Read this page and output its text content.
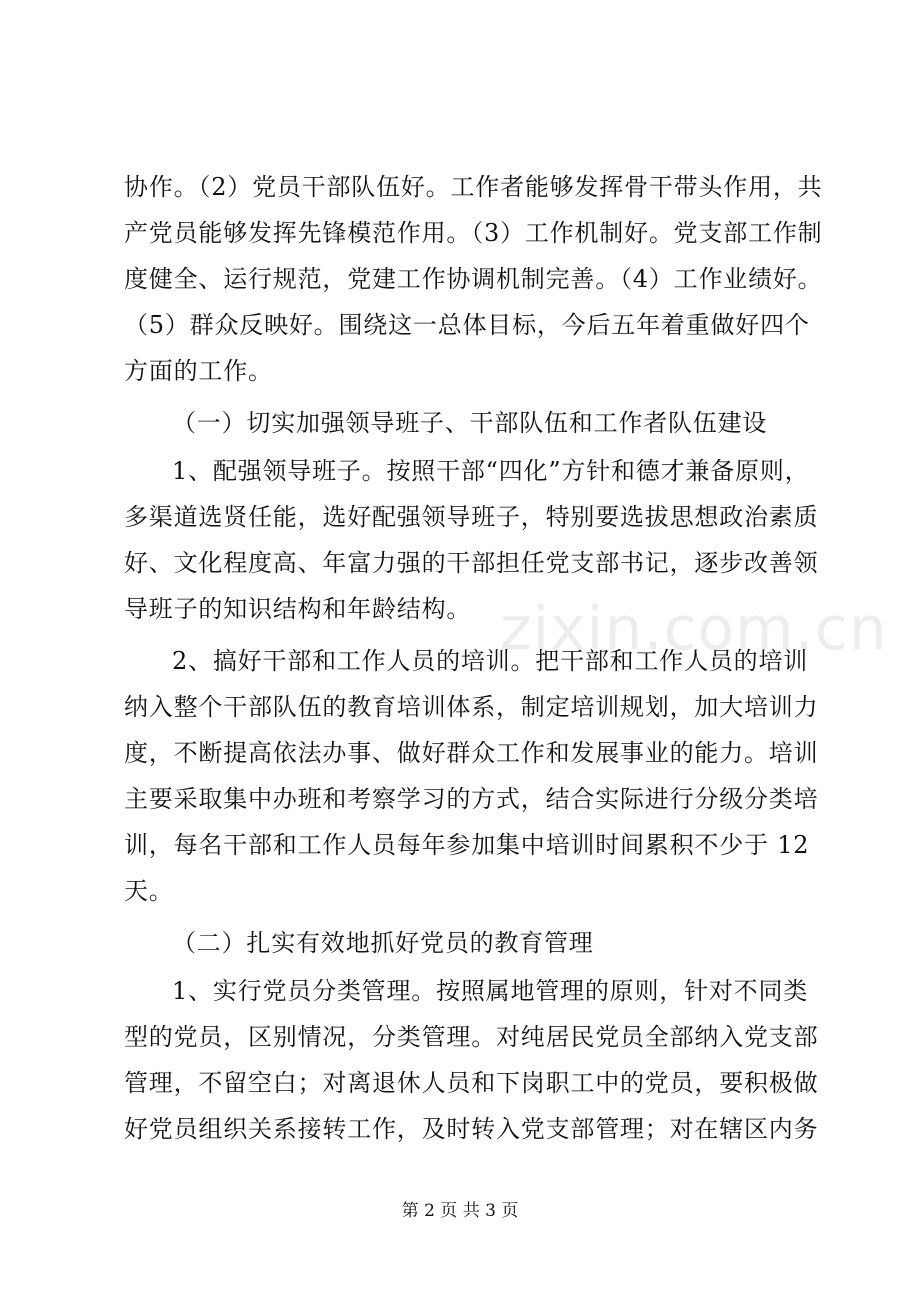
协作。（2）党员干部队伍好。工作者能够发挥骨干带头作用，共
产党员能够发挥先锋模范作用。（3）工作机制好。党支部工作制
度健全、运行规范，党建工作协调机制完善。（4）工作业绩好。
（5）群众反映好。围绕这一总体目标，今后五年着重做好四个
方面的工作。
（一）切实加强领导班子、干部队伍和工作者队伍建设
1、配强领导班子。按照干部“四化”方针和德才兼备原则，
多渠道选贤任能，选好配强领导班子，特别要选拔思想政治素质
好、文化程度高、年富力强的干部担任党支部书记，逐步改善领
导班子的知识结构和年龄结构。
2、搞好干部和工作人员的培训。把干部和工作人员的培训
纳入整个干部队伍的教育培训体系，制定培训规划，加大培训力
度，不断提高依法办事、做好群众工作和发展事业的能力。培训
主要采取集中办班和考察学习的方式，结合实际进行分级分类培
训，每名干部和工作人员每年参加集中培训时间累积不少于 12
天。
（二）扎实有效地抓好党员的教育管理
1、实行党员分类管理。按照属地管理的原则，针对不同类
型的党员，区别情况，分类管理。对纯居民党员全部纳入党支部
管理，不留空白；对离退休人员和下岗职工中的党员，要积极做
好党员组织关系接转工作，及时转入党支部管理；对在辖区内务
zixin.com.cn
第 2 页 共 3 页
